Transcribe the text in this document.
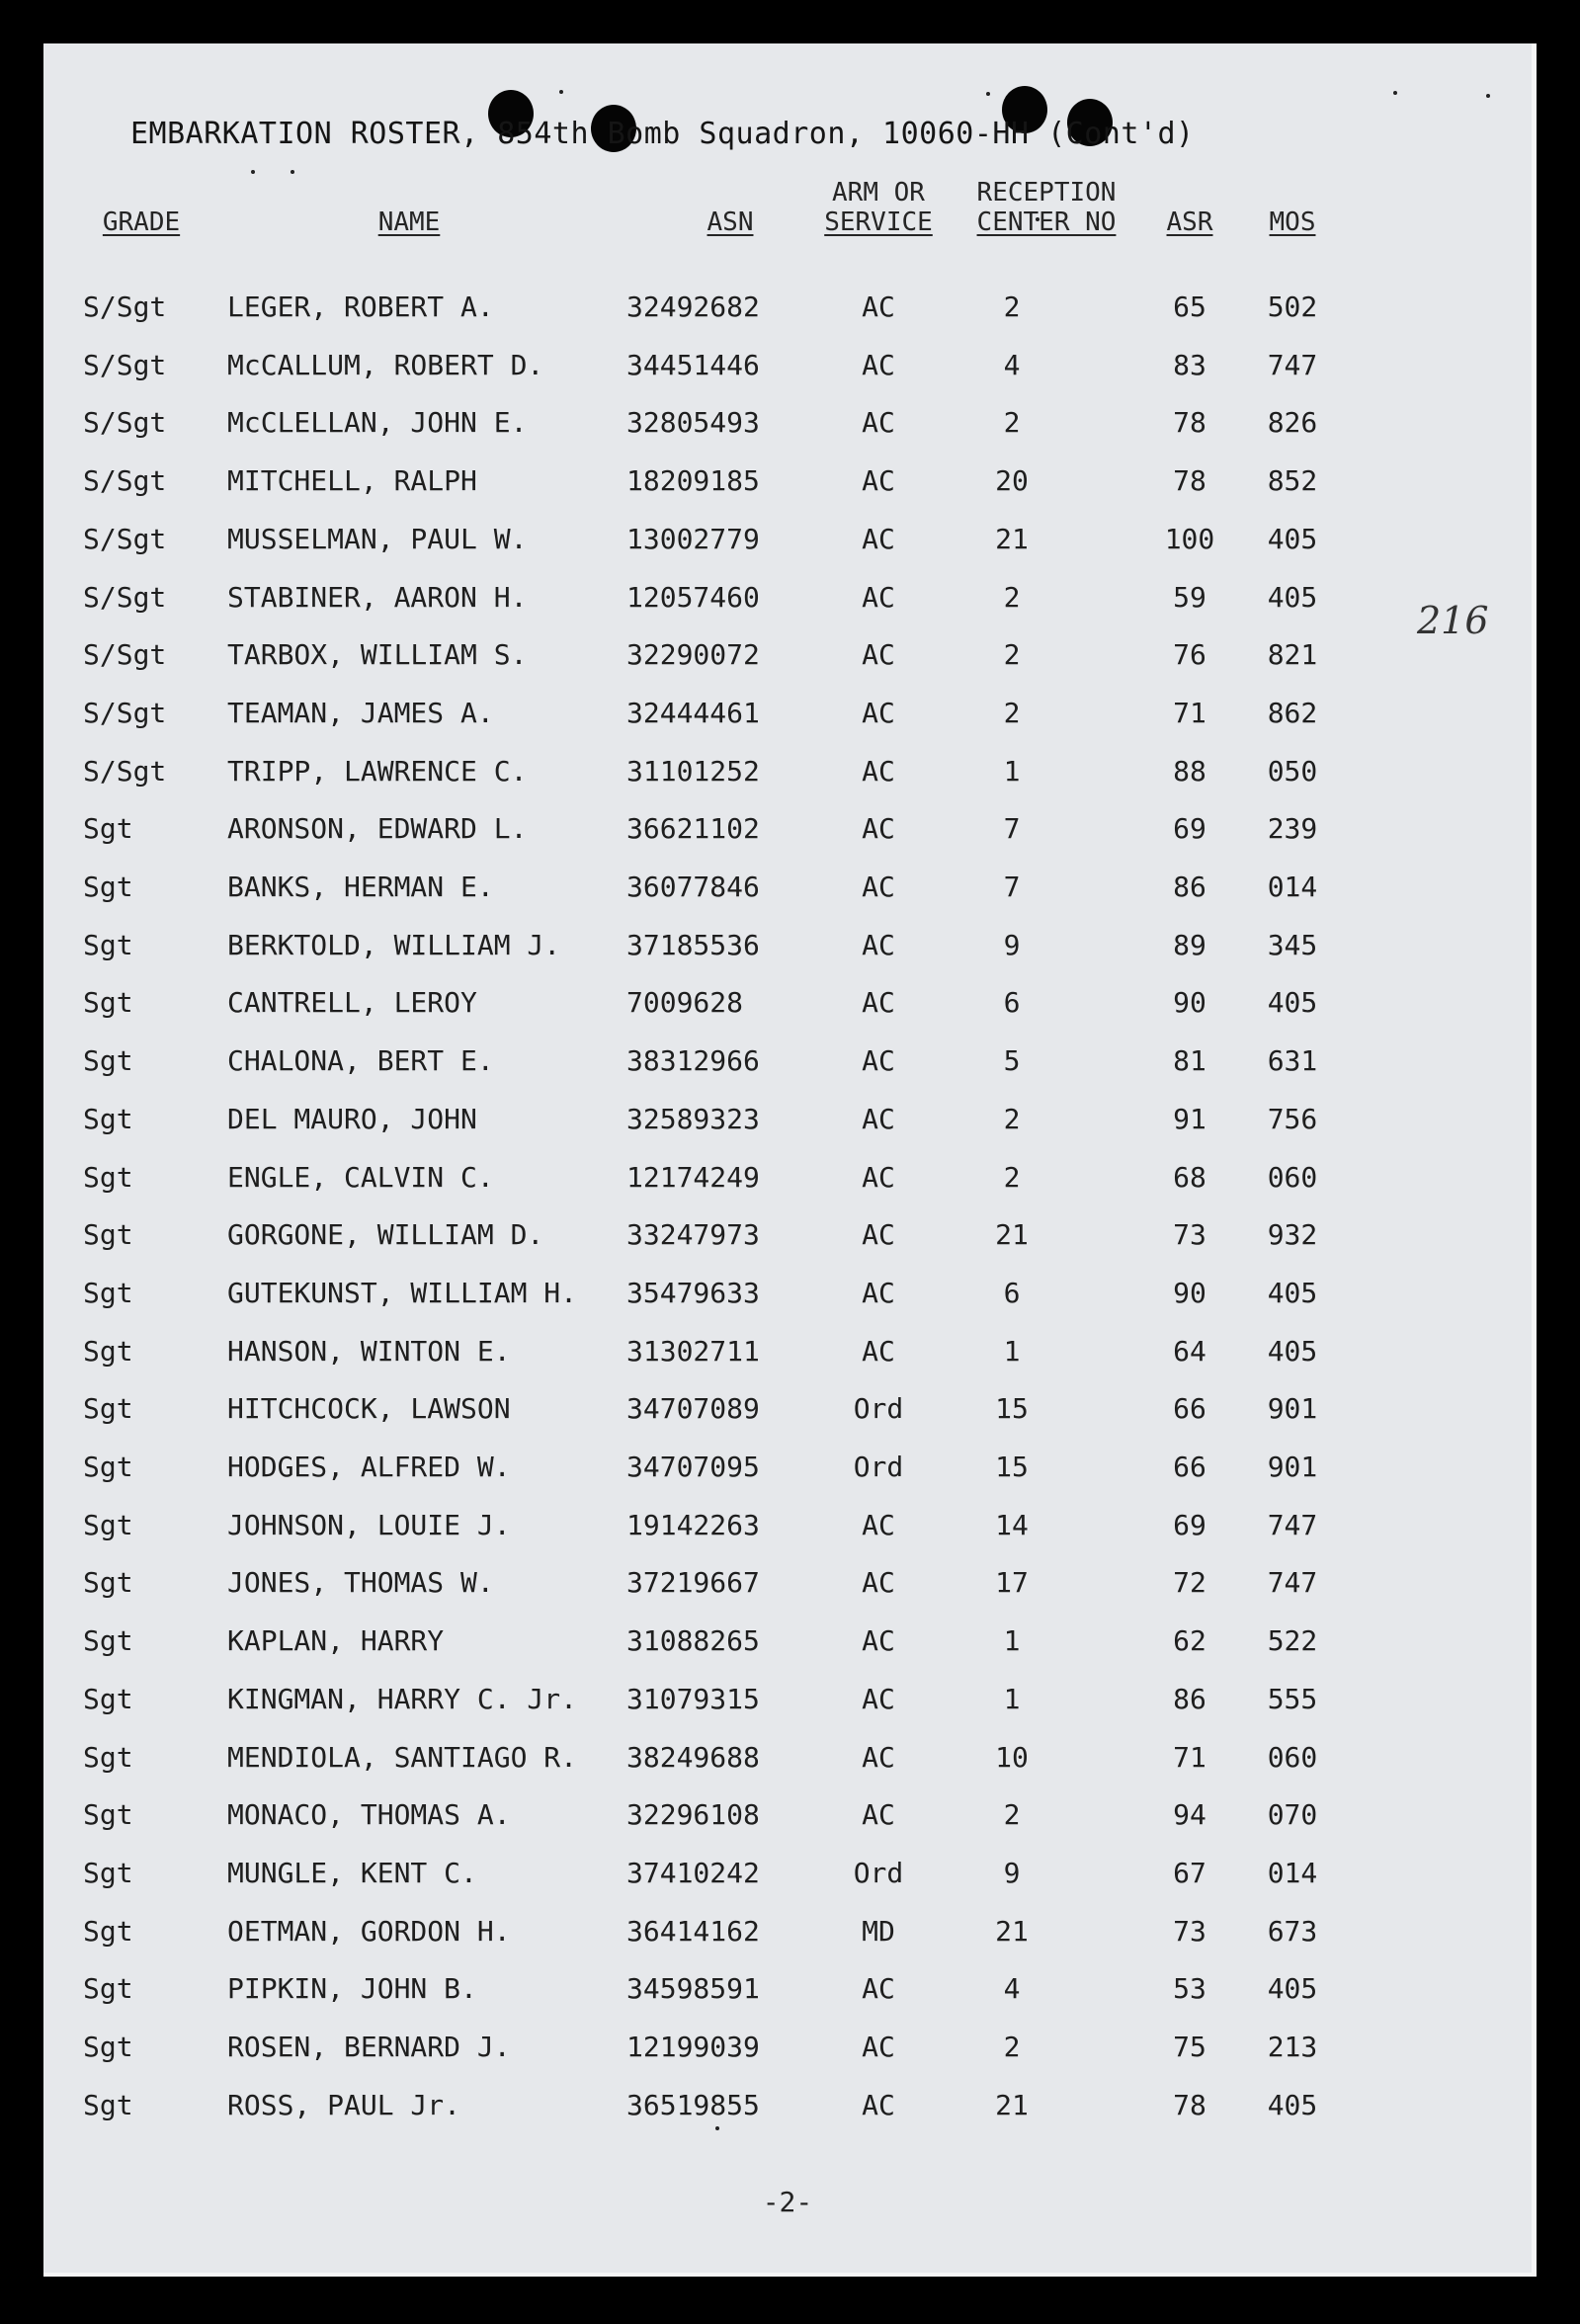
EMBARKATION ROSTER, 854th Bomb Squadron, 10060-HH (Cont'd)
GRADE	NAME	ASN
ARM OR
SERVICE
RECEPTION
CENTER NO	ASR	MOS
S/Sgt	LEGER, ROBERT A.	32492682	AC	2	65	502
S/Sgt	McCALLUM, ROBERT D.	34451446	AC	4	83	747
S/Sgt	McCLELLAN, JOHN E.	32805493	AC	2	78	826
S/Sgt	MITCHELL, RALPH	18209185	AC	20	78	852
S/Sgt	MUSSELMAN, PAUL W.	13002779	AC	21	100	405
S/Sgt	STABINER, AARON H.	12057460	AC	2	59	405
S/Sgt	TARBOX, WILLIAM S.	32290072	AC	2	76	821
S/Sgt	TEAMAN, JAMES A.	32444461	AC	2	71	862
S/Sgt	TRIPP, LAWRENCE C.	31101252	AC	1	88	050
Sgt	ARONSON, EDWARD L.	36621102	AC	7	69	239
Sgt	BANKS, HERMAN E.	36077846	AC	7	86	014
Sgt	BERKTOLD, WILLIAM J.	37185536	AC	9	89	345
Sgt	CANTRELL, LEROY	7009628	AC	6	90	405
Sgt	CHALONA, BERT E.	38312966	AC	5	81	631
Sgt	DEL MAURO, JOHN	32589323	AC	2	91	756
Sgt	ENGLE, CALVIN C.	12174249	AC	2	68	060
Sgt	GORGONE, WILLIAM D.	33247973	AC	21	73	932
Sgt	GUTEKUNST, WILLIAM H.	35479633	AC	6	90	405
Sgt	HANSON, WINTON E.	31302711	AC	1	64	405
Sgt	HITCHCOCK, LAWSON	34707089	Ord	15	66	901
Sgt	HODGES, ALFRED W.	34707095	Ord	15	66	901
Sgt	JOHNSON, LOUIE J.	19142263	AC	14	69	747
Sgt	JONES, THOMAS W.	37219667	AC	17	72	747
Sgt	KAPLAN, HARRY	31088265	AC	1	62	522
Sgt	KINGMAN, HARRY C. Jr.	31079315	AC	1	86	555
Sgt	MENDIOLA, SANTIAGO R.	38249688	AC	10	71	060
Sgt	MONACO, THOMAS A.	32296108	AC	2	94	070
Sgt	MUNGLE, KENT C.	37410242	Ord	9	67	014
Sgt	OETMAN, GORDON H.	36414162	MD	21	73	673
Sgt	PIPKIN, JOHN B.	34598591	AC	4	53	405
Sgt	ROSEN, BERNARD J.	12199039	AC	2	75	213
Sgt	ROSS, PAUL Jr.	36519855	AC	21	78	405
216
-2-
